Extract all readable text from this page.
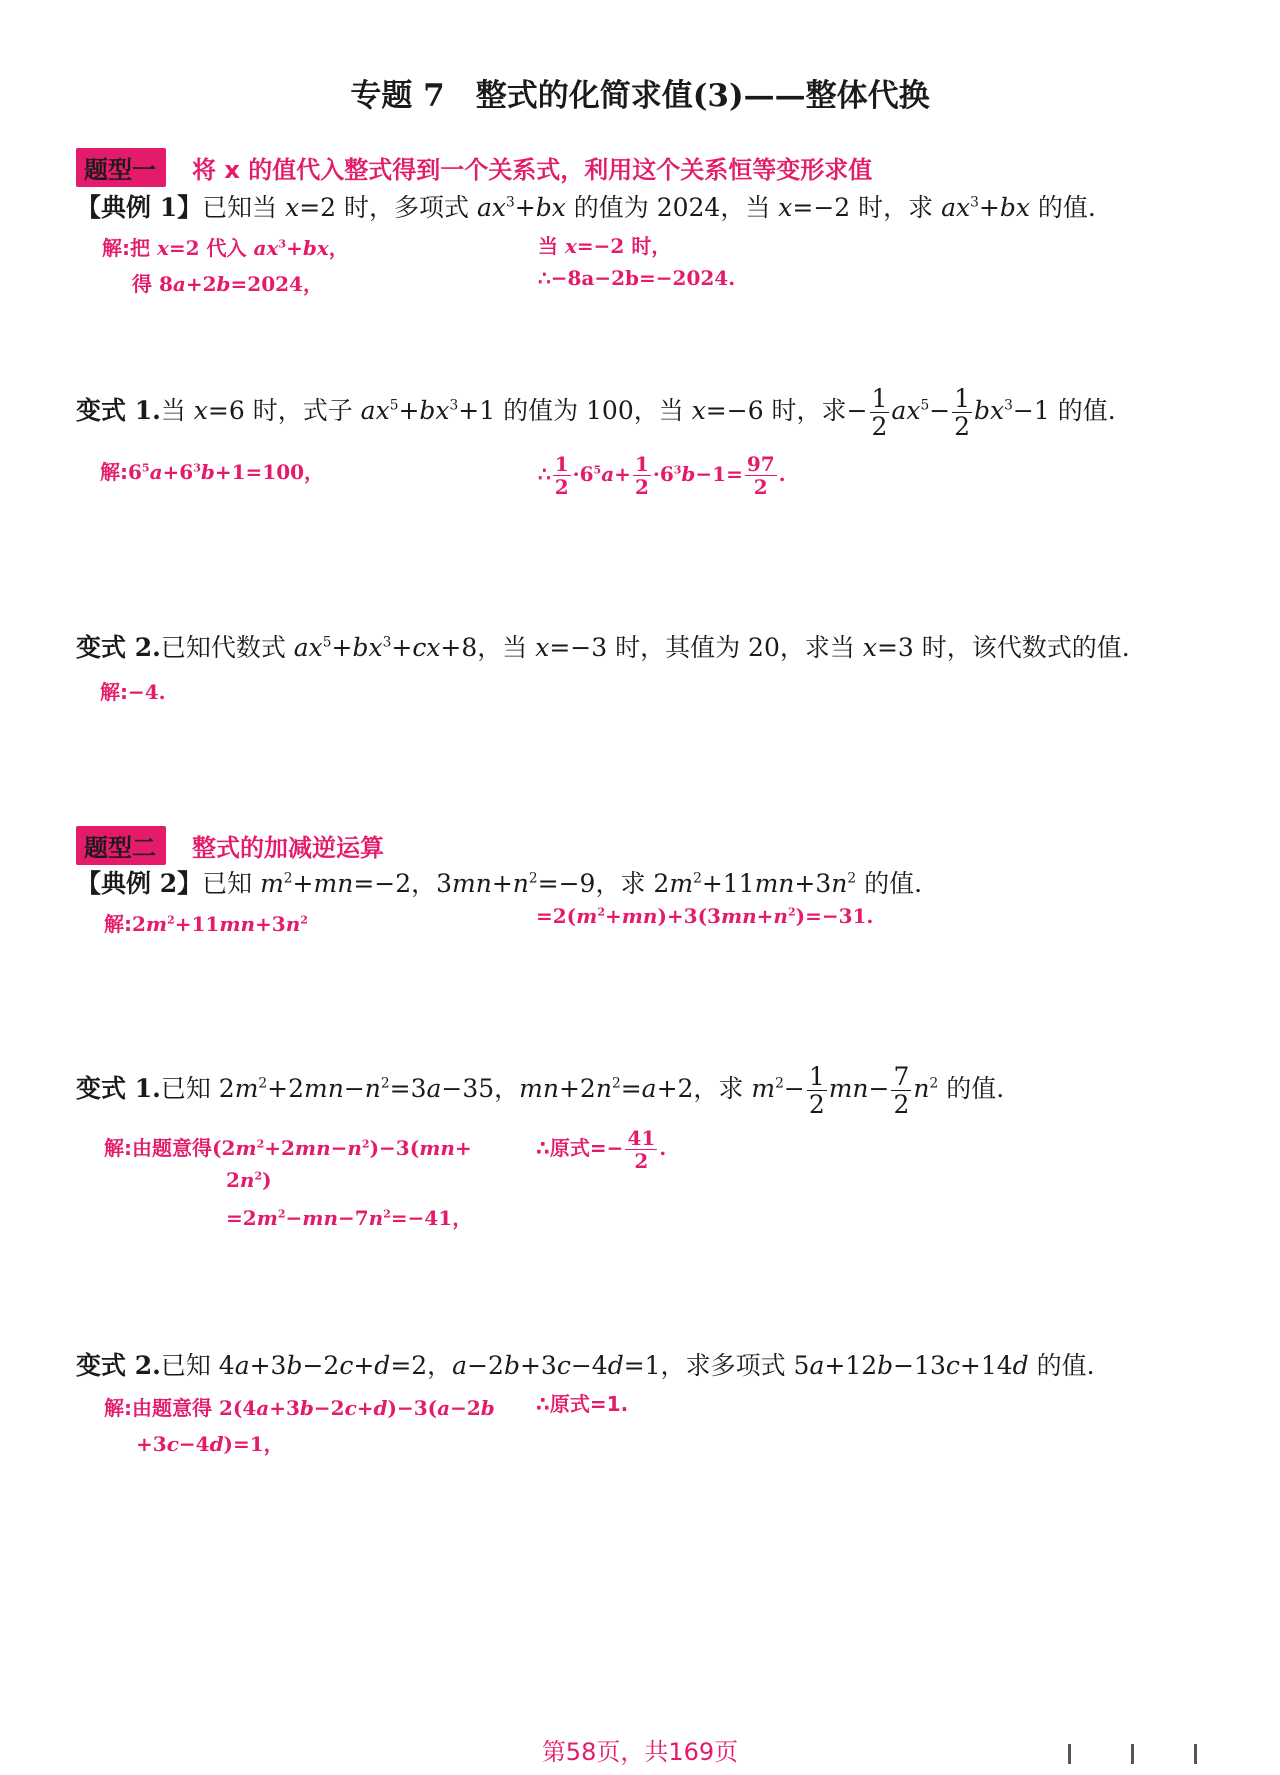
专题 7　整式的化简求值(3)——整体代换
题型一 将 x 的值代入整式得到一个关系式，利用这个关系恒等变形求值
【典例 1】已知当 x=2 时，多项式 $ax^3+bx$ 的值为 2024，当 x=−2 时，求 $ax^3+bx$ 的值.
解:把 x=2 代入 $ax^3+bx$，
得 8a+2b=2024，
当 x=−2 时，
∴−8a−2b=−2024.
变式 1.当 x=6 时，式子 $ax^5+bx^3+1$ 的值为 100，当 x=−6 时，求− $\frac{1}{2} ax^5- \frac{1}{2} bx^3-1$ 的值.
解$:6^5a+6^3b+1=100$，	∴ $\frac{1}{2} \cdot 6^5a+ \frac{1}{2} \cdot 6^3b-1= \frac{97}{2}$ .
变式 2.已知代数式 $ax^5+bx^3+cx+8$，当 x=−3 时，其值为 20，求当 x=3 时，该代数式的值.
解:−4.
题型二 整式的加减逆运算
【典例 2】已知 $m^2+mn=-2$，$3mn+n^2=-9$，求 $2m^2+11mn+3n^2$ 的值.
解$:2m^2+11mn+3n^2$	$=2(m^2+mn)+3(3mn+n^2)=-31$.
变式 1.已知 $2m^2+2mn-n^2=3a-35$，$mn+2n^2=a+2$，求 $m^2- \frac{1}{2} mn- \frac{7}{2} n^2$ 的值.
解:由题意得$(2m^2+2mn-n^2)-3(mn+$
$2n^2$)
$=2m^2-mn-7n^2=-41$，
∴原式=− $\frac{41}{2}$ .
变式 2.已知 4a+3b−2c+d=2，a−2b+3c−4d=1，求多项式 5a+12b−13c+14d 的值.
解:由题意得 2(4a+3b−2c+d)−3(a−2b
+3c−4d)=1，
∴原式=1.
第58页，共169页
